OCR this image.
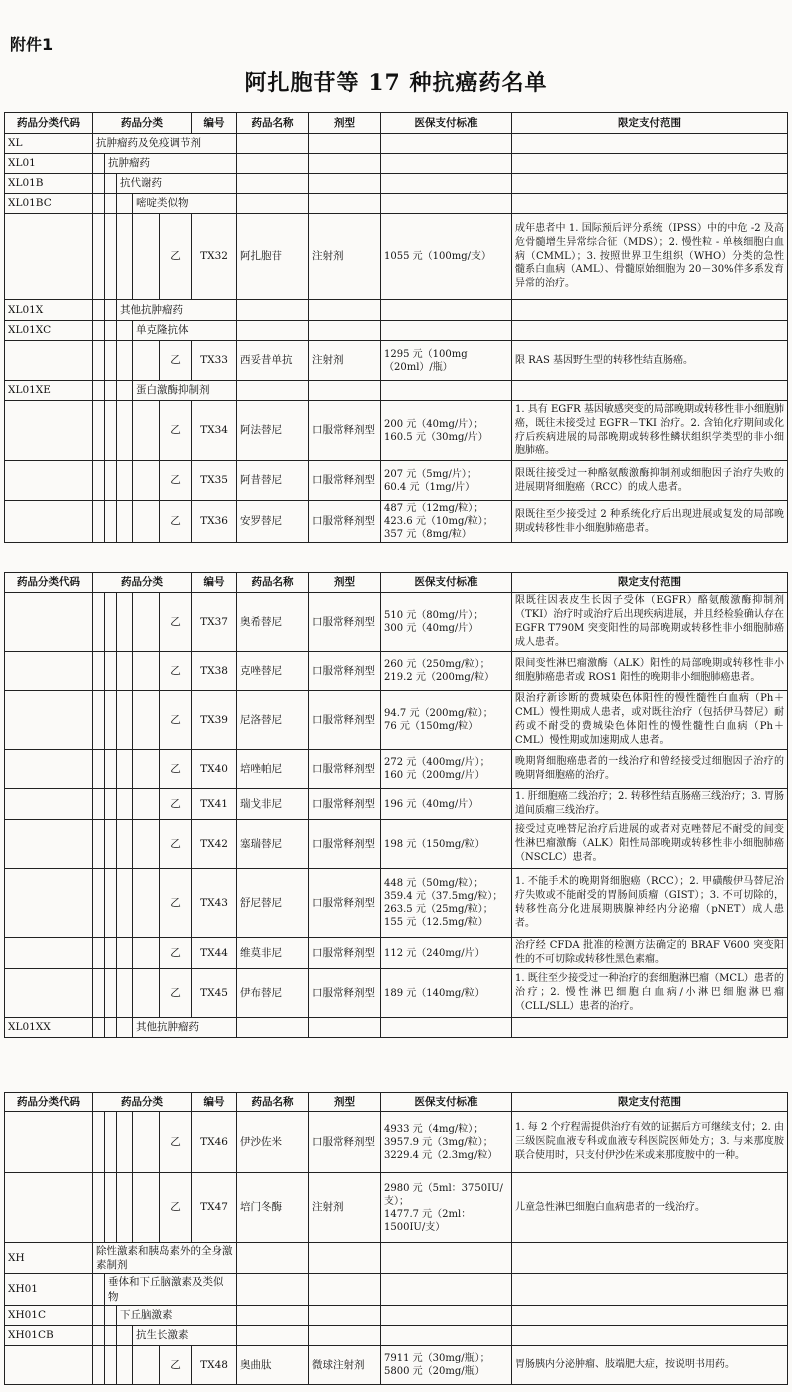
附件1
阿扎胞苷等 17 种抗癌药名单
药品分类代码	药品分类					编号	药品名称	剂型	医保支付标准	限定支付范围
XL	抗肿瘤药及免疫调节剂									
XL01		抗肿瘤药								
XL01B			抗代谢药							
XL01BC				嘧啶类似物						
					乙	TX32	阿扎胞苷	注射剂	1055 元（100mg/支）	成年患者中 1. 国际预后评分系统（IPSS）中的中危 -2 及高危骨髓增生异常综合征（MDS）；2. 慢性粒 - 单核细胞白血病（CMML）；3. 按照世界卫生组织（WHO）分类的急性髓系白血病（AML）、骨髓原始细胞为 20－30%伴多系发育异常的治疗。
XL01X			其他抗肿瘤药							
XL01XC				单克隆抗体						
					乙	TX33	西妥昔单抗	注射剂	1295 元（100mg（20ml）/瓶）	限 RAS 基因野生型的转移性结直肠癌。
XL01XE				蛋白激酶抑制剂						
					乙	TX34	阿法替尼	口服常释剂型	200 元（40mg/片）；
160.5 元（30mg/片）	1. 具有 EGFR 基因敏感突变的局部晚期或转移性非小细胞肺癌，既往未接受过 EGFR－TKI 治疗。2. 含铂化疗期间或化疗后疾病进展的局部晚期或转移性鳞状组织学类型的非小细胞肺癌。
					乙	TX35	阿昔替尼	口服常释剂型	207 元（5mg/片）；
60.4 元（1mg/片）	限既往接受过一种酪氨酸激酶抑制剂或细胞因子治疗失败的进展期肾细胞癌（RCC）的成人患者。
					乙	TX36	安罗替尼	口服常释剂型	487 元（12mg/粒）；
423.6 元（10mg/粒）；
357 元（8mg/粒）	限既往至少接受过 2 种系统化疗后出现进展或复发的局部晚期或转移性非小细胞肺癌患者。
药品分类代码	药品分类					编号	药品名称	剂型	医保支付标准	限定支付范围
					乙	TX37	奥希替尼	口服常释剂型	510 元（80mg/片）；
300 元（40mg/片）	限既往因表皮生长因子受体（EGFR）酪氨酸激酶抑制剂（TKI）治疗时或治疗后出现疾病进展，并且经检验确认存在 EGFR T790M 突变阳性的局部晚期或转移性非小细胞肺癌成人患者。
					乙	TX38	克唑替尼	口服常释剂型	260 元（250mg/粒）；
219.2 元（200mg/粒）	限间变性淋巴瘤激酶（ALK）阳性的局部晚期或转移性非小细胞肺癌患者或 ROS1 阳性的晚期非小细胞肺癌患者。
					乙	TX39	尼洛替尼	口服常释剂型	94.7 元（200mg/粒）；
76 元（150mg/粒）	限治疗新诊断的费城染色体阳性的慢性髓性白血病（Ph＋ CML）慢性期成人患者，或对既往治疗（包括伊马替尼）耐药或不耐受的费城染色体阳性的慢性髓性白血病（Ph＋ CML）慢性期或加速期成人患者。
					乙	TX40	培唑帕尼	口服常释剂型	272 元（400mg/片）；
160 元（200mg/片）	晚期肾细胞癌患者的一线治疗和曾经接受过细胞因子治疗的晚期肾细胞癌的治疗。
					乙	TX41	瑞戈非尼	口服常释剂型	196 元（40mg/片）	1. 肝细胞癌二线治疗；2. 转移性结直肠癌三线治疗；3. 胃肠道间质瘤三线治疗。
					乙	TX42	塞瑞替尼	口服常释剂型	198 元（150mg/粒）	接受过克唑替尼治疗后进展的或者对克唑替尼不耐受的间变性淋巴瘤激酶（ALK）阳性局部晚期或转移性非小细胞肺癌（NSCLC）患者。
					乙	TX43	舒尼替尼	口服常释剂型	448 元（50mg/粒）；
359.4 元（37.5mg/粒）；
263.5 元（25mg/粒）；
155 元（12.5mg/粒）	1. 不能手术的晚期肾细胞癌（RCC）；2. 甲磺酸伊马替尼治疗失败或不能耐受的胃肠间质瘤（GIST）；3. 不可切除的，转移性高分化进展期胰腺神经内分泌瘤（pNET）成人患者。
					乙	TX44	维莫非尼	口服常释剂型	112 元（240mg/片）	治疗经 CFDA 批准的检测方法确定的 BRAF V600 突变阳性的不可切除或转移性黑色素瘤。
					乙	TX45	伊布替尼	口服常释剂型	189 元（140mg/粒）	1. 既往至少接受过一种治疗的套细胞淋巴瘤（MCL）患者的治疗；2. 慢性淋巴细胞白血病/小淋巴细胞淋巴瘤（CLL/SLL）患者的治疗。
XL01XX				其他抗肿瘤药						
药品分类代码	药品分类					编号	药品名称	剂型	医保支付标准	限定支付范围
					乙	TX46	伊沙佐米	口服常释剂型	4933 元（4mg/粒）；
3957.9 元（3mg/粒）；
3229.4 元（2.3mg/粒）	1. 每 2 个疗程需提供治疗有效的证据后方可继续支付；2. 由三级医院血液专科或血液专科医院医师处方；3. 与来那度胺联合使用时，只支付伊沙佐米或来那度胺中的一种。
					乙	TX47	培门冬酶	注射剂	2980 元（5ml：3750IU/支）；
1477.7 元（2ml：1500IU/支）	儿童急性淋巴细胞白血病患者的一线治疗。
XH	除性激素和胰岛素外的全身激素制剂									
XH01		垂体和下丘脑激素及类似物								
XH01C			下丘脑激素							
XH01CB				抗生长激素						
					乙	TX48	奥曲肽	微球注射剂	7911 元（30mg/瓶）；
5800 元（20mg/瓶）	胃肠胰内分泌肿瘤、肢端肥大症，按说明书用药。
